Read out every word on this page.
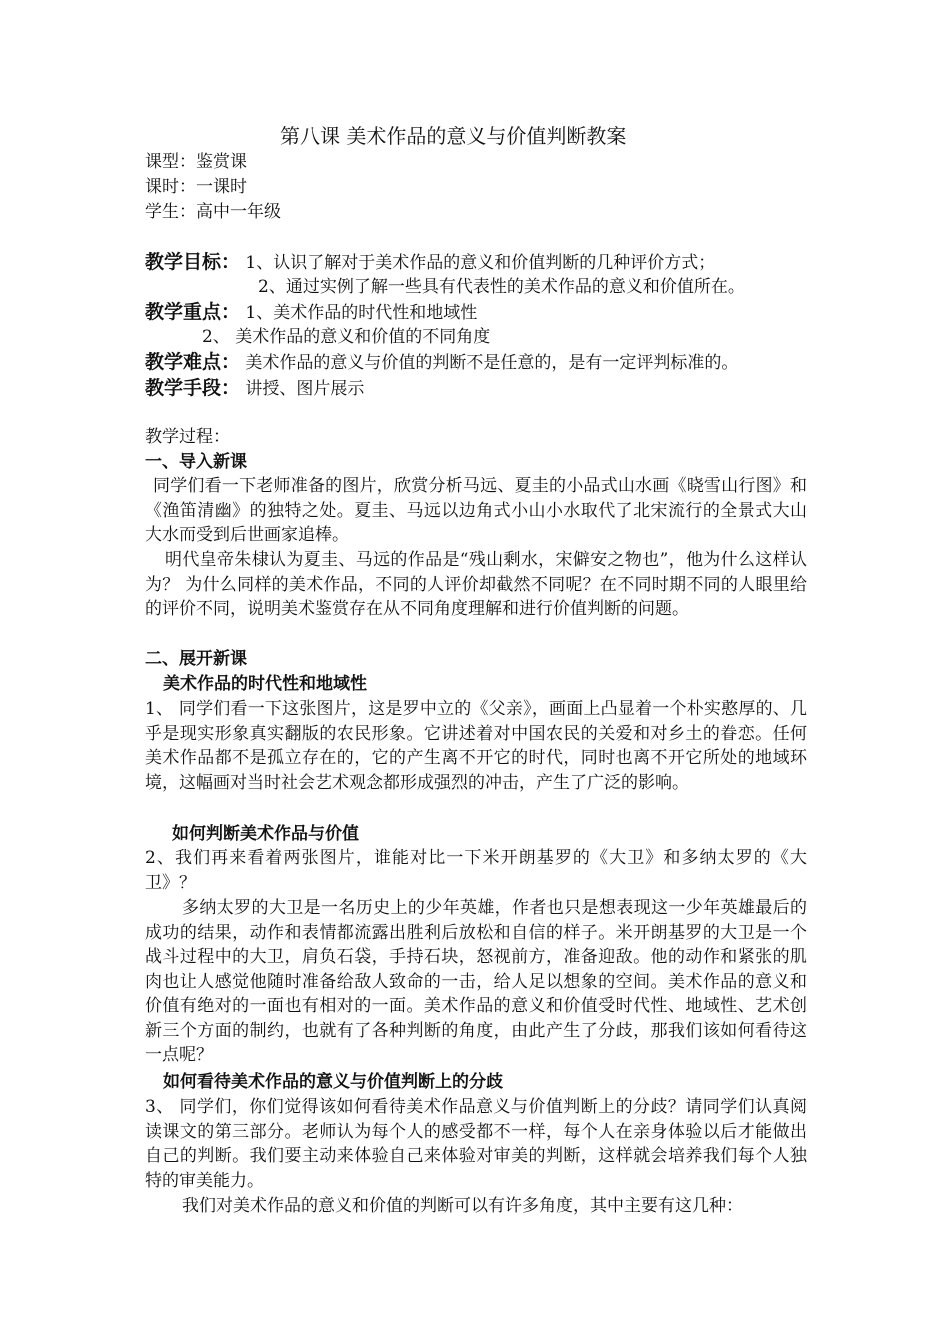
第八课 美术作品的意义与价值判断教案
课型：鉴赏课
课时：一课时
学生：高中一年级
教学目标： 1、认识了解对于美术作品的意义和价值判断的几种评价方式；
2、通过实例了解一些具有代表性的美术作品的意义和价值所在。
教学重点： 1、美术作品的时代性和地域性
2、 美术作品的意义和价值的不同角度
教学难点： 美术作品的意义与价值的判断不是任意的，是有一定评判标准的。
教学手段： 讲授、图片展示
教学过程：
一、导入新课
同学们看一下老师准备的图片，欣赏分析马远、夏圭的小品式山水画《晓雪山行图》和《渔笛清幽》的独特之处。夏圭、马远以边角式小山小水取代了北宋流行的全景式大山大水而受到后世画家追棒。
明代皇帝朱棣认为夏圭、马远的作品是“残山剩水，宋僻安之物也”，他为什么这样认为？ 为什么同样的美术作品，不同的人评价却截然不同呢？在不同时期不同的人眼里给的评价不同，说明美术鉴赏存在从不同角度理解和进行价值判断的问题。
二、展开新课
美术作品的时代性和地域性
1、 同学们看一下这张图片，这是罗中立的《父亲》，画面上凸显着一个朴实憨厚的、几乎是现实形象真实翻版的农民形象。它讲述着对中国农民的关爱和对乡土的眷恋。任何美术作品都不是孤立存在的，它的产生离不开它的时代，同时也离不开它所处的地域环境，这幅画对当时社会艺术观念都形成强烈的冲击，产生了广泛的影响。
如何判断美术作品与价值
2、我们再来看着两张图片，谁能对比一下米开朗基罗的《大卫》和多纳太罗的《大卫》？
多纳太罗的大卫是一名历史上的少年英雄，作者也只是想表现这一少年英雄最后的成功的结果，动作和表情都流露出胜利后放松和自信的样子。米开朗基罗的大卫是一个战斗过程中的大卫，肩负石袋，手持石块，怒视前方，准备迎敌。他的动作和紧张的肌肉也让人感觉他随时准备给敌人致命的一击，给人足以想象的空间。美术作品的意义和价值有绝对的一面也有相对的一面。美术作品的意义和价值受时代性、地域性、艺术创新三个方面的制约，也就有了各种判断的角度，由此产生了分歧，那我们该如何看待这一点呢？
如何看待美术作品的意义与价值判断上的分歧
3、 同学们，你们觉得该如何看待美术作品意义与价值判断上的分歧？请同学们认真阅读课文的第三部分。老师认为每个人的感受都不一样，每个人在亲身体验以后才能做出自己的判断。我们要主动来体验自己来体验对审美的判断，这样就会培养我们每个人独特的审美能力。
我们对美术作品的意义和价值的判断可以有许多角度，其中主要有这几种：
